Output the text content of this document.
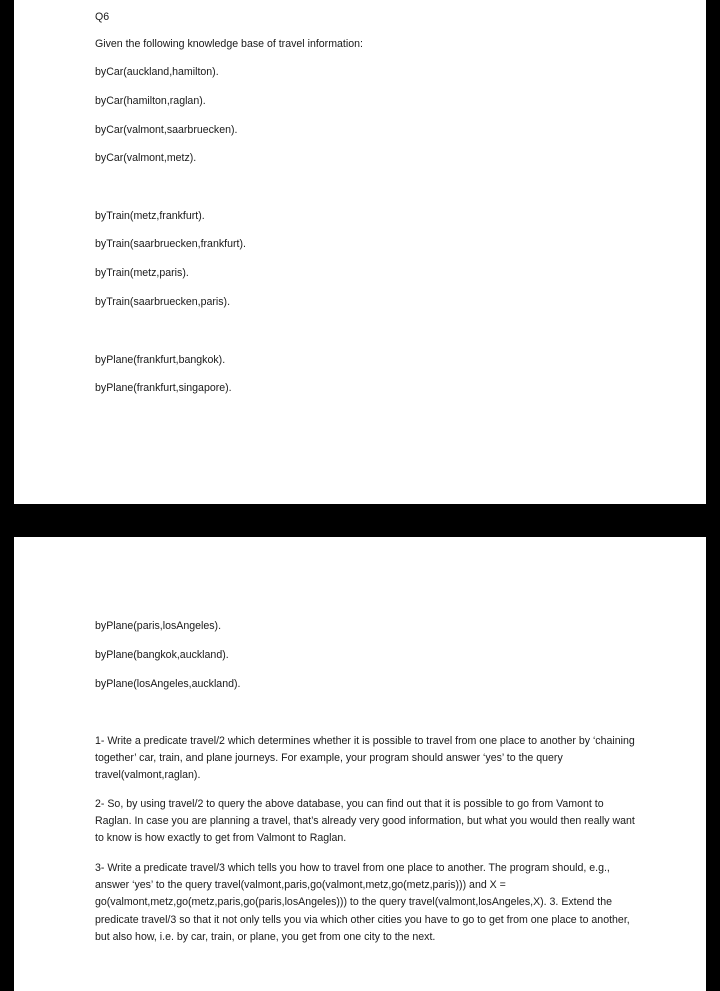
Q6

Given the following knowledge base of travel information:

byCar(auckland,hamilton).

byCar(hamilton,raglan).

byCar(valmont,saarbruecken).

byCar(valmont,metz).

byTrain(metz,frankfurt).

byTrain(saarbruecken,frankfurt).

byTrain(metz,paris).

byTrain(saarbruecken,paris).

byPlane(frankfurt,bangkok).

byPlane(frankfurt,singapore).

byPlane(paris,losAngeles).

byPlane(bangkok,auckland).

byPlane(losAngeles,auckland).

1- Write a predicate travel/2 which determines whether it is possible to travel from one place to another by ‘chaining together’ car, train, and plane journeys. For example, your program should answer ‘yes’ to the query travel(valmont,raglan).

2- So, by using travel/2 to query the above database, you can find out that it is possible to go from Vamont to Raglan. In case you are planning a travel, that’s already very good information, but what you would then really want to know is how exactly to get from Valmont to Raglan.

3- Write a predicate travel/3 which tells you how to travel from one place to another. The program should, e.g., answer ‘yes’ to the query travel(valmont,paris,go(valmont,metz,go(metz,paris))) and X = go(valmont,metz,go(metz,paris,go(paris,losAngeles))) to the query travel(valmont,losAngeles,X). 3. Extend the predicate travel/3 so that it not only tells you via which other cities you have to go to get from one place to another, but also how, i.e. by car, train, or plane, you get from one city to the next.
